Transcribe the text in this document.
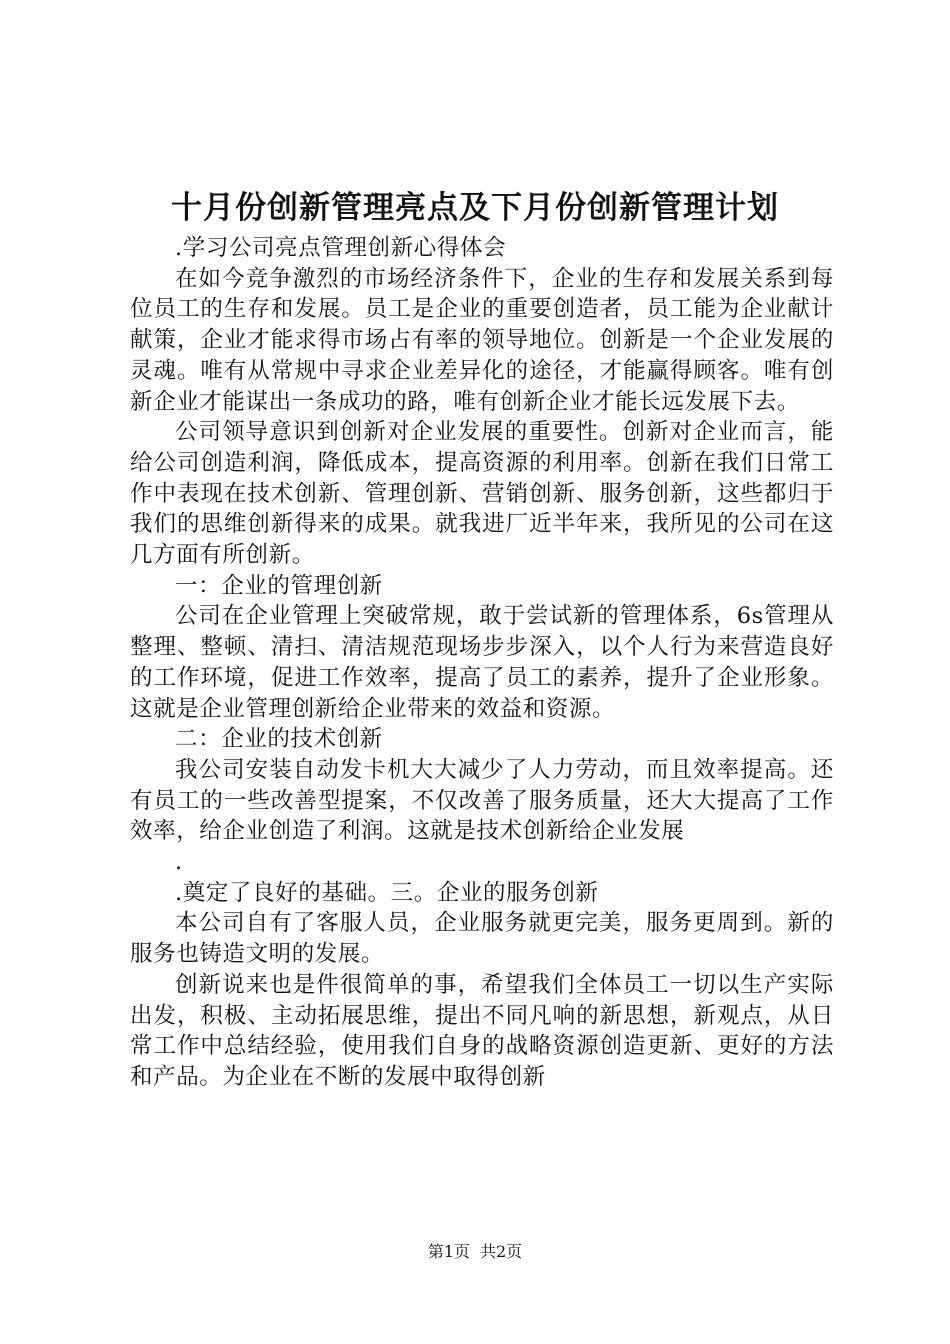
十月份创新管理亮点及下月份创新管理计划

.学习公司亮点管理创新心得体会

在如今竞争激烈的市场经济条件下，企业的生存和发展关系到每位员工的生存和发展。员工是企业的重要创造者，员工能为企业献计献策，企业才能求得市场占有率的领导地位。创新是一个企业发展的灵魂。唯有从常规中寻求企业差异化的途径，才能赢得顾客。唯有创新企业才能谋出一条成功的路，唯有创新企业才能长远发展下去。

公司领导意识到创新对企业发展的重要性。创新对企业而言，能给公司创造利润，降低成本，提高资源的利用率。创新在我们日常工作中表现在技术创新、管理创新、营销创新、服务创新，这些都归于我们的思维创新得来的成果。就我进厂近半年来，我所见的公司在这几方面有所创新。

一：企业的管理创新

公司在企业管理上突破常规，敢于尝试新的管理体系，6s管理从整理、整顿、清扫、清洁规范现场步步深入，以个人行为来营造良好的工作环境，促进工作效率，提高了员工的素养，提升了企业形象。这就是企业管理创新给企业带来的效益和资源。

二：企业的技术创新

我公司安装自动发卡机大大减少了人力劳动，而且效率提高。还有员工的一些改善型提案，不仅改善了服务质量，还大大提高了工作效率，给企业创造了利润。这就是技术创新给企业发展

.

.奠定了良好的基础。三。企业的服务创新

本公司自有了客服人员，企业服务就更完美，服务更周到。新的服务也铸造文明的发展。

创新说来也是件很简单的事，希望我们全体员工一切以生产实际出发，积极、主动拓展思维，提出不同凡响的新思想，新观点，从日常工作中总结经验，使用我们自身的战略资源创造更新、更好的方法和产品。为企业在不断的发展中取得创新

第1页 共2页
